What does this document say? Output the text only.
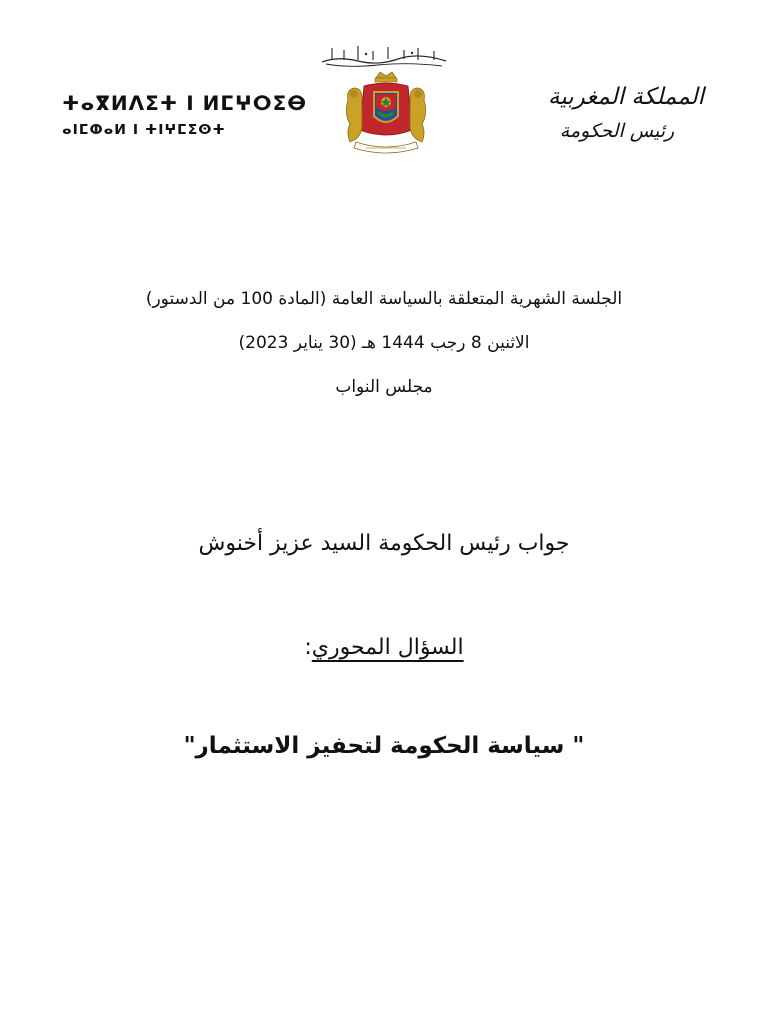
ⵜⴰⴳⵍⴷⵉⵜ ⵏ ⵍⵎⵖⵔⵉⴱ
ⴰⵏⵎⵀⴰⵍ ⵏ ⵜⵏⵖⵎⵉⵙⵜ
المملكة المغربية
رئيس الحكومة

الجلسة الشهرية المتعلقة بالسياسة العامة (المادة 100 من الدستور)

الاثنين 8 رجب 1444 هـ (30 يناير 2023)

مجلس النواب

جواب رئيس الحكومة السيد عزيز أخنوش
السؤال المحوري:
" سياسة الحكومة لتحفيز الاستثمار"
